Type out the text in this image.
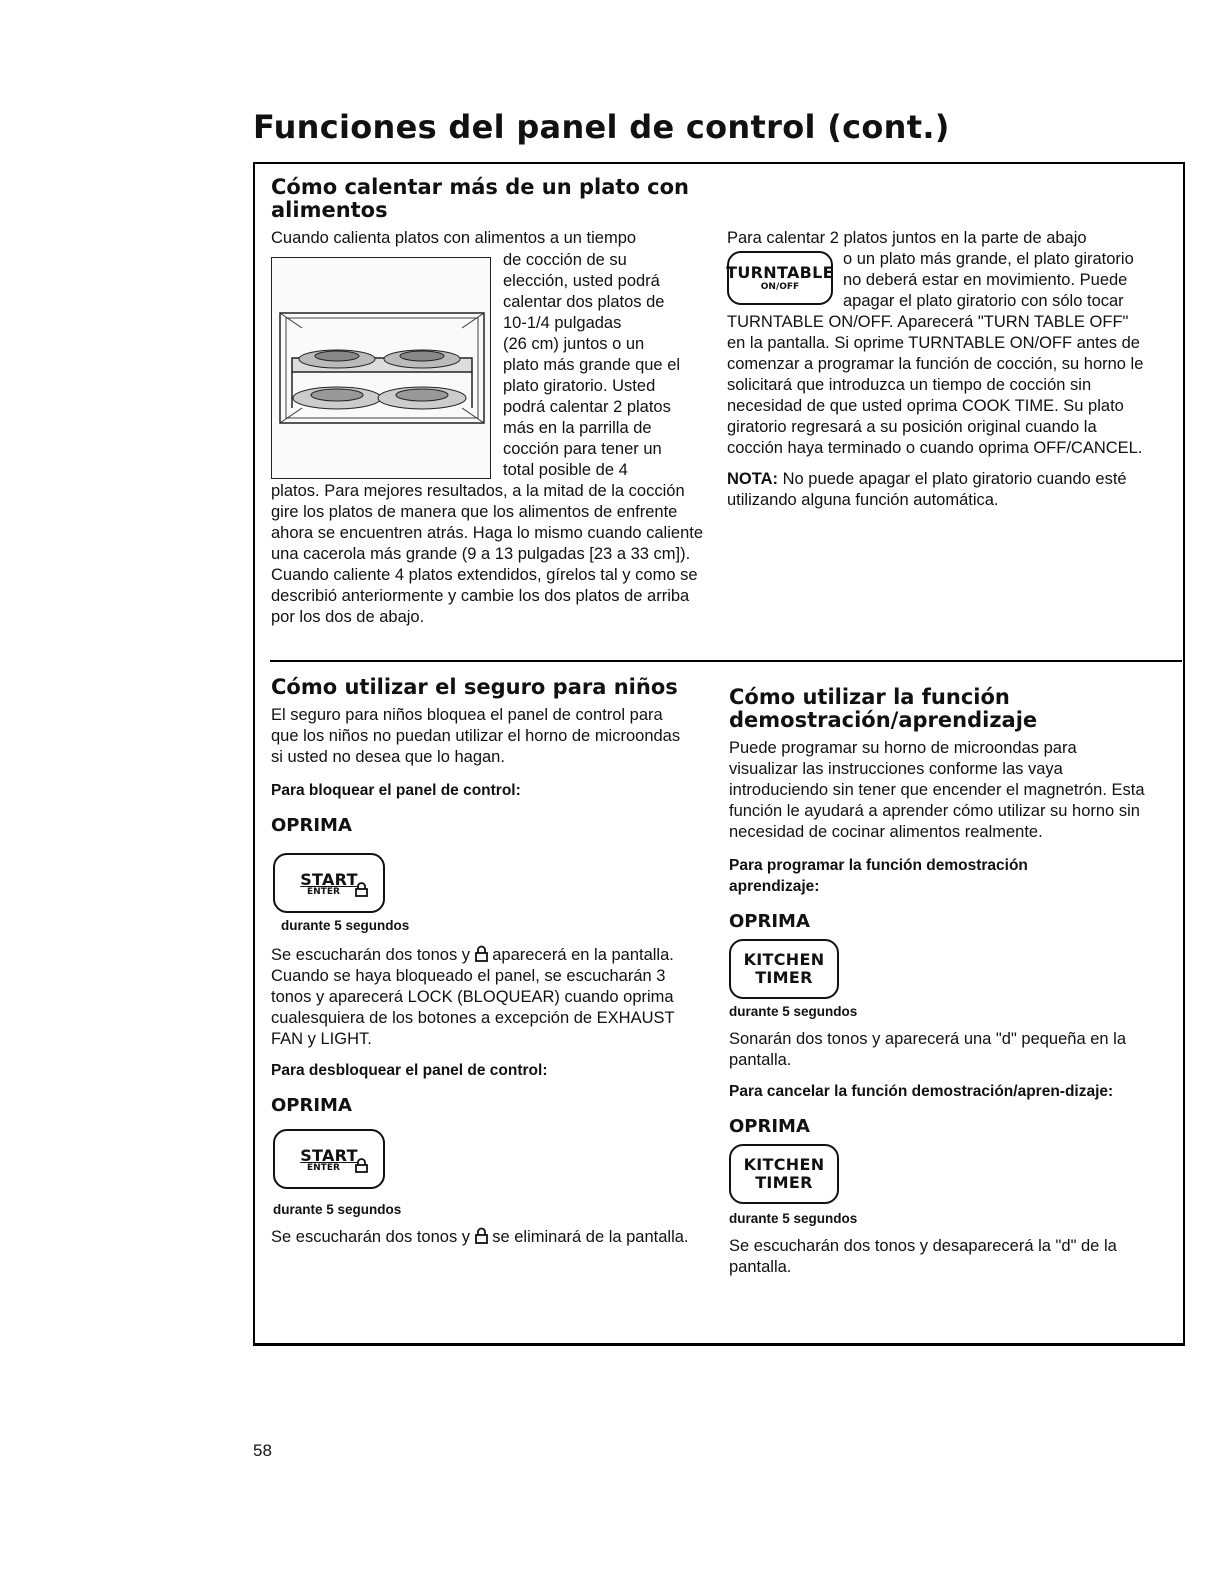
Funciones del panel de control (cont.)
Cómo calentar más de un plato con alimentos

Cuando calienta platos con alimentos a un tiempo

de cocción de su

elección, usted podrá

calentar dos platos de

10-1/4 pulgadas

(26 cm) juntos o un

plato más grande que el

plato giratorio. Usted

podrá calentar 2 platos

más en la parrilla de

cocción para tener un

total posible de 4

platos. Para mejores resultados, a la mitad de la cocción gire los platos de manera que los alimentos de enfrente ahora se encuentren atrás. Haga lo mismo cuando caliente una cacerola más grande (9 a 13 pulgadas [23 a 33 cm]). Cuando caliente 4 platos extendidos, gírelos tal y como se describió anteriormente y cambie los dos platos de arriba por los dos de abajo.

Para calentar 2 platos juntos en la parte de abajo

TURNTABLE
ON/OFF
o un plato más grande, el plato giratorio no deberá estar en movimiento. Puede apagar el plato giratorio con sólo tocar TURNTABLE ON/OFF. Aparecerá "TURN TABLE OFF" en la pantalla. Si oprime TURNTABLE ON/OFF antes de comenzar a programar la función de cocción, su horno le solicitará que introduzca un tiempo de cocción sin necesidad de que usted oprima COOK TIME. Su plato giratorio regresará a su posición original cuando la cocción haya terminado o cuando oprima OFF/CANCEL.

NOTA: No puede apagar el plato giratorio cuando esté utilizando alguna función automática.

Cómo utilizar el seguro para niños

El seguro para niños bloquea el panel de control para que los niños no puedan utilizar el horno de microondas si usted no desea que lo hagan.

Para bloquear el panel de control:

OPRIMA

START
ENTER

durante 5 segundos

Se escucharán dos tonos y aparecerá en la pantalla. Cuando se haya bloqueado el panel, se escucharán 3 tonos y aparecerá LOCK (BLOQUEAR) cuando oprima cualesquiera de los botones a excepción de EXHAUST FAN y LIGHT.

Para desbloquear el panel de control:

OPRIMA

START
ENTER

durante 5 segundos

Se escucharán dos tonos y se eliminará de la pantalla.

Cómo utilizar la función demostración/aprendizaje

Puede programar su horno de microondas para visualizar las instrucciones conforme las vaya introduciendo sin tener que encender el magnetrón. Esta función le ayudará a aprender cómo utilizar su horno sin necesidad de cocinar alimentos realmente.

Para programar la función demostración aprendizaje:

OPRIMA

KITCHEN
TIMER

durante 5 segundos

Sonarán dos tonos y aparecerá una "d" pequeña en la pantalla.

Para cancelar la función demostración/apren-dizaje:

OPRIMA

KITCHEN
TIMER

durante 5 segundos

Se escucharán dos tonos y desaparecerá la "d" de la pantalla.

58
